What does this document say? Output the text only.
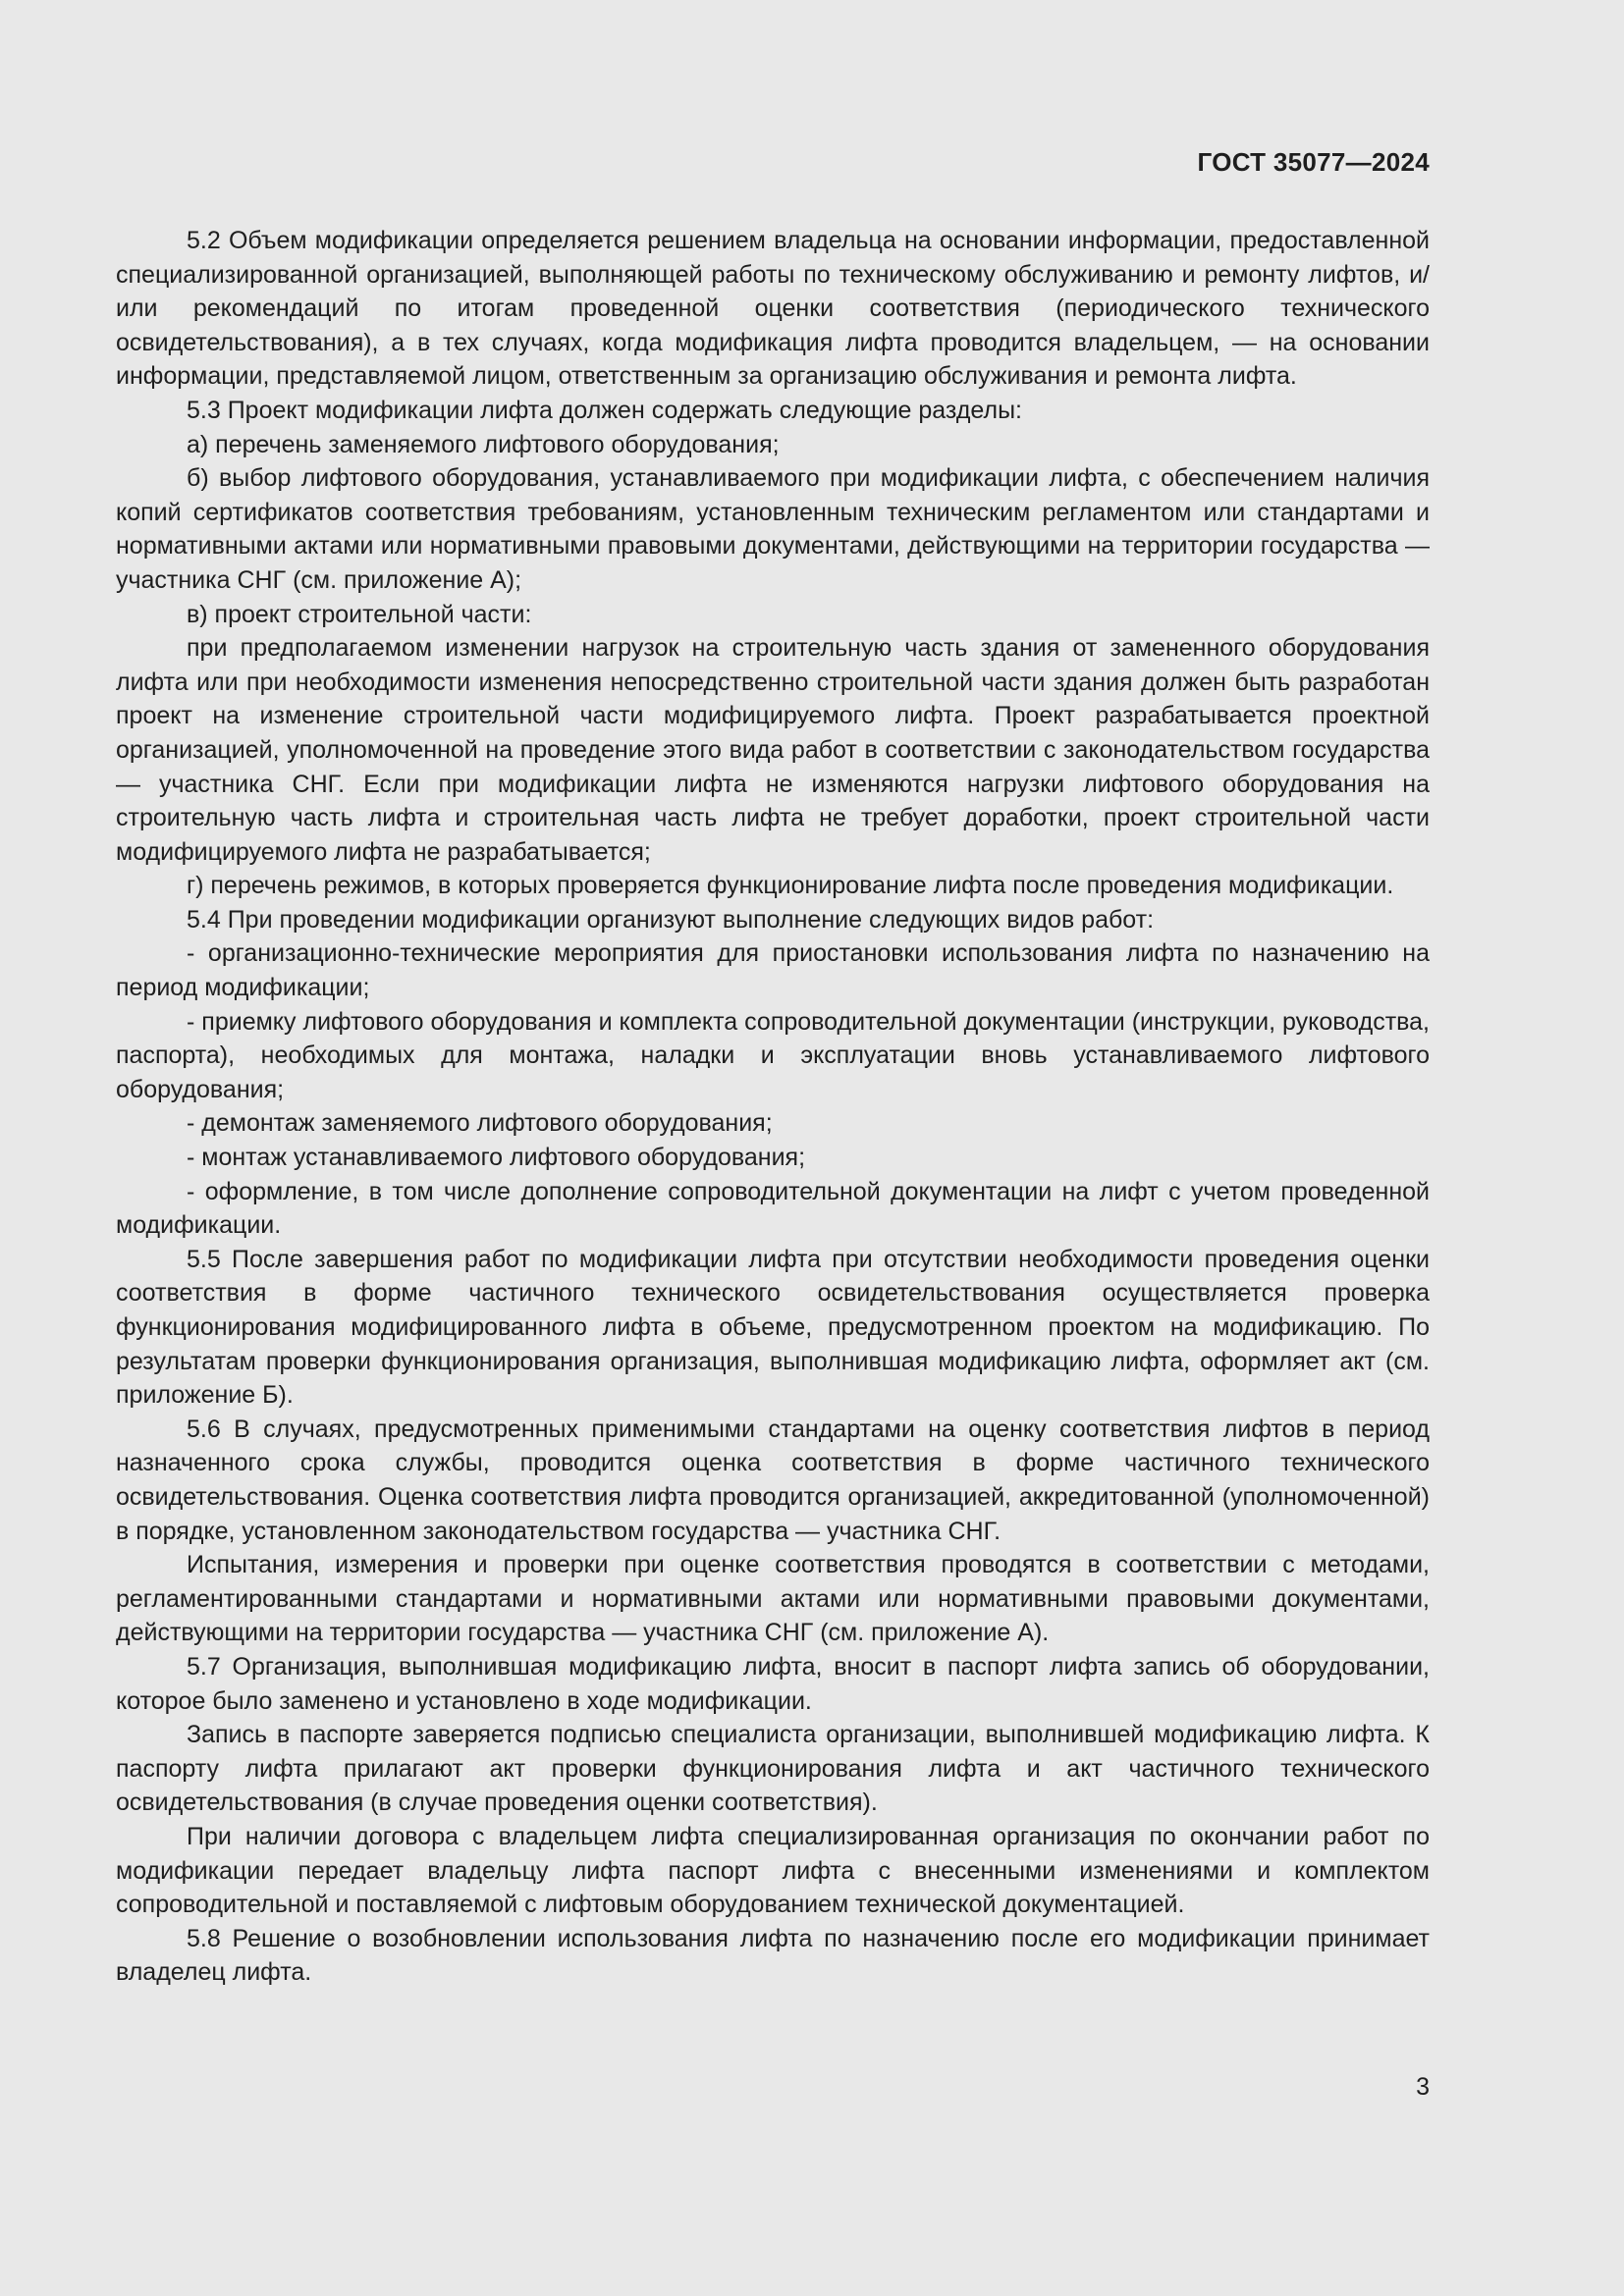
ГОСТ 35077—2024

5.2 Объем модификации определяется решением владельца на основании информации, предоставленной специализированной организацией, выполняющей работы по техническому обслуживанию и ремонту лифтов, и/или рекомендаций по итогам проведенной оценки соответствия (периодического технического освидетельствования), а в тех случаях, когда модификация лифта проводится владельцем, — на основании информации, представляемой лицом, ответственным за организацию обслуживания и ремонта лифта.

5.3 Проект модификации лифта должен содержать следующие разделы:

а) перечень заменяемого лифтового оборудования;

б) выбор лифтового оборудования, устанавливаемого при модификации лифта, с обеспечением наличия копий сертификатов соответствия требованиям, установленным техническим регламентом или стандартами и нормативными актами или нормативными правовыми документами, действующими на территории государства — участника СНГ (см. приложение А);

в) проект строительной части:

при предполагаемом изменении нагрузок на строительную часть здания от замененного оборудования лифта или при необходимости изменения непосредственно строительной части здания должен быть разработан проект на изменение строительной части модифицируемого лифта. Проект разрабатывается проектной организацией, уполномоченной на проведение этого вида работ в соответствии с законодательством государства — участника СНГ. Если при модификации лифта не изменяются нагрузки лифтового оборудования на строительную часть лифта и строительная часть лифта не требует доработки, проект строительной части модифицируемого лифта не разрабатывается;

г) перечень режимов, в которых проверяется функционирование лифта после проведения модификации.

5.4 При проведении модификации организуют выполнение следующих видов работ:

- организационно-технические мероприятия для приостановки использования лифта по назначению на период модификации;

- приемку лифтового оборудования и комплекта сопроводительной документации (инструкции, руководства, паспорта), необходимых для монтажа, наладки и эксплуатации вновь устанавливаемого лифтового оборудования;

- демонтаж заменяемого лифтового оборудования;

- монтаж устанавливаемого лифтового оборудования;

- оформление, в том числе дополнение сопроводительной документации на лифт с учетом проведенной модификации.

5.5 После завершения работ по модификации лифта при отсутствии необходимости проведения оценки соответствия в форме частичного технического освидетельствования осуществляется проверка функционирования модифицированного лифта в объеме, предусмотренном проектом на модификацию. По результатам проверки функционирования организация, выполнившая модификацию лифта, оформляет акт (см. приложение Б).

5.6 В случаях, предусмотренных применимыми стандартами на оценку соответствия лифтов в период назначенного срока службы, проводится оценка соответствия в форме частичного технического освидетельствования. Оценка соответствия лифта проводится организацией, аккредитованной (уполномоченной) в порядке, установленном законодательством государства — участника СНГ.

Испытания, измерения и проверки при оценке соответствия проводятся в соответствии с методами, регламентированными стандартами и нормативными актами или нормативными правовыми документами, действующими на территории государства — участника СНГ (см. приложение А).

5.7 Организация, выполнившая модификацию лифта, вносит в паспорт лифта запись об оборудовании, которое было заменено и установлено в ходе модификации.

Запись в паспорте заверяется подписью специалиста организации, выполнившей модификацию лифта. К паспорту лифта прилагают акт проверки функционирования лифта и акт частичного технического освидетельствования (в случае проведения оценки соответствия).

При наличии договора с владельцем лифта специализированная организация по окончании работ по модификации передает владельцу лифта паспорт лифта с внесенными изменениями и комплектом сопроводительной и поставляемой с лифтовым оборудованием технической документацией.

5.8 Решение о возобновлении использования лифта по назначению после его модификации принимает владелец лифта.

3
